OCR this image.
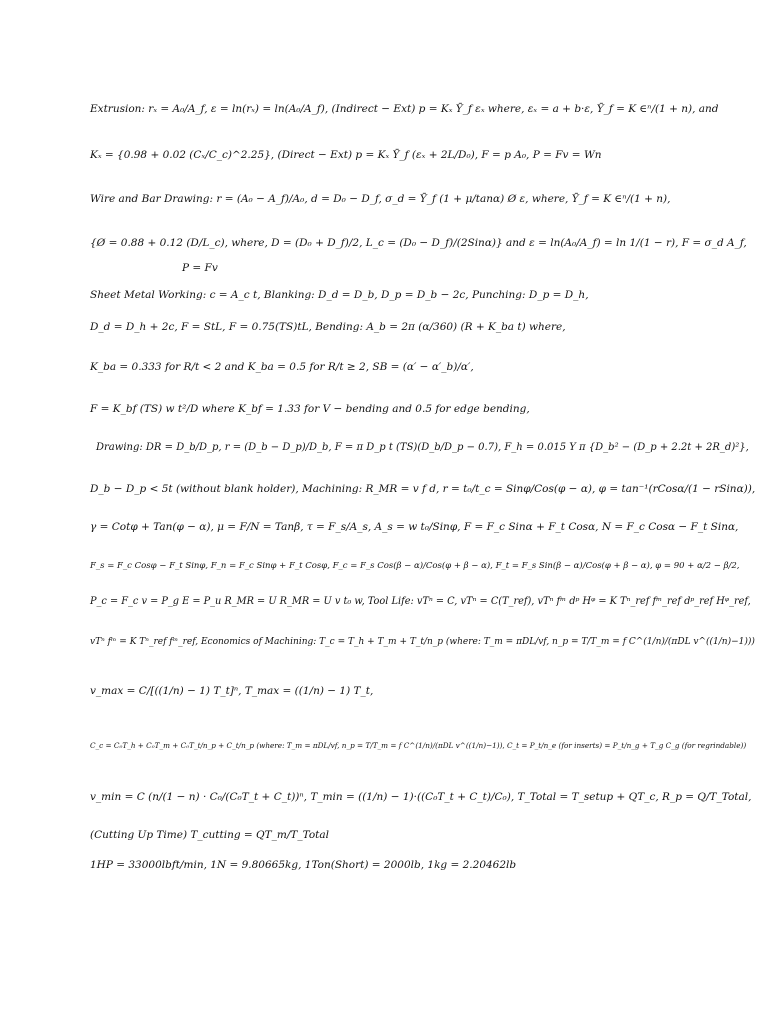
Extrusion: rₓ = A₀/A_f, ε = ln(rₓ) = ln(A₀/A_f), (Indirect − Ext) p = Kₓ Ȳ_f εₓ where, εₓ = a + b·ε, Ȳ_f = K ∈ⁿ/(1 + n), and
Kₓ = {0.98 + 0.02 (Cₓ/C_c)^2.25}, (Direct − Ext) p = Kₓ Ȳ_f (εₓ + 2L/D₀), F = p A₀, P = Fv = Wn
Wire and Bar Drawing: r = (A₀ − A_f)/A₀, d = D₀ − D_f, σ_d = Ȳ_f (1 + μ/tanα) Ø ε, where, Ȳ_f = K ∈ⁿ/(1 + n),
{Ø = 0.88 + 0.12 (D/L_c), where, D = (D₀ + D_f)/2, L_c = (D₀ − D_f)/(2Sinα)} and ε = ln(A₀/A_f) = ln 1/(1 − r), F = σ_d A_f,
P = Fv
Sheet Metal Working: c = A_c t, Blanking: D_d = D_b, D_p = D_b − 2c, Punching: D_p = D_h,
D_d = D_h + 2c, F = StL, F = 0.75(TS)tL, Bending: A_b = 2π (α/360) (R + K_ba t) where,
K_ba = 0.333 for R/t < 2 and K_ba = 0.5 for R/t ≥ 2, SB = (α′ − α′_b)/α′,
F = K_bf (TS) w t²/D where K_bf = 1.33 for V − bending and 0.5 for edge bending,
Drawing: DR = D_b/D_p, r = (D_b − D_p)/D_b, F = π D_p t (TS)(D_b/D_p − 0.7), F_h = 0.015 Y π {D_b² − (D_p + 2.2t + 2R_d)²},
D_b − D_p < 5t (without blank holder), Machining: R_MR = v f d, r = t₀/t_c = Sinφ/Cos(φ − α), φ = tan⁻¹(rCosα/(1 − rSinα)),
γ = Cotφ + Tan(φ − α), μ = F/N = Tanβ, τ = F_s/A_s, A_s = w t₀/Sinφ, F = F_c Sinα + F_t Cosα, N = F_c Cosα − F_t Sinα,
F_s = F_c Cosφ − F_t Sinφ, F_n = F_c Sinφ + F_t Cosφ, F_c = F_s Cos(β − α)/Cos(φ + β − α), F_t = F_s Sin(β − α)/Cos(φ + β − α), φ = 90 + α/2 − β/2,
P_c = F_c v = P_g E = P_u R_MR = U R_MR = U v t₀ w, Tool Life: vTⁿ = C, vTⁿ = C(T_ref), vTⁿ fᵐ dᵖ Hᵠ = K Tⁿ_ref fᵐ_ref dᵖ_ref Hᵠ_ref,
vTⁿ fᵐ = K Tⁿ_ref fᵐ_ref, Economics of Machining: T_c = T_h + T_m + T_t/n_p (where: T_m = πDL/vf, n_p = T/T_m = f C^(1/n)/(πDL v^((1/n)−1)))
v_max = C/[((1/n) − 1) T_t]ⁿ, T_max = ((1/n) − 1) T_t,
C_c = C₀T_h + C₀T_m + C₀T_t/n_p + C_t/n_p (where: T_m = πDL/vf, n_p = T/T_m = f C^(1/n)/(πDL v^((1/n)−1)), C_t = P_t/n_e (for inserts) = P_t/n_g + T_g C_g (for regrindable))
v_min = C (n/(1 − n) · C₀/(C₀T_t + C_t))ⁿ, T_min = ((1/n) − 1)·((C₀T_t + C_t)/C₀), T_Total = T_setup + QT_c, R_p = Q/T_Total,
(Cutting Up Time) T_cutting = QT_m/T_Total
1HP = 33000lbft/min, 1N = 9.80665kg, 1Ton(Short) = 2000lb, 1kg = 2.20462lb
